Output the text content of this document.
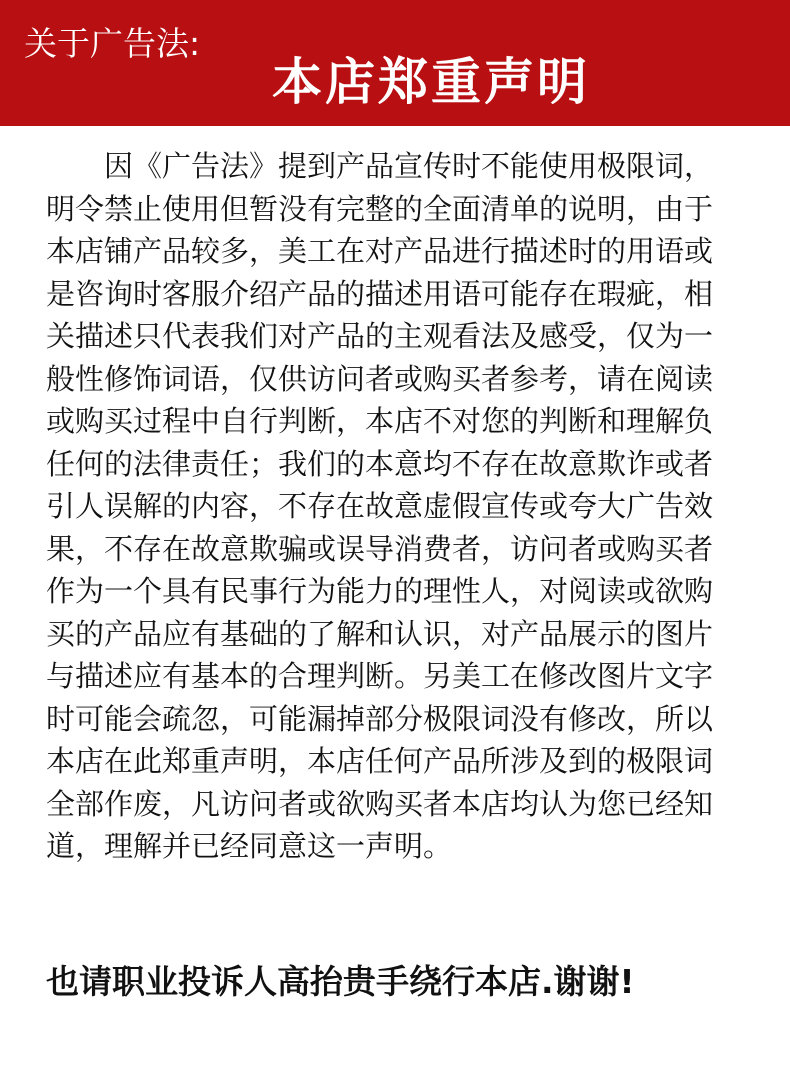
关于广告法:
本店郑重声明
　　因《广告法》提到产品宣传时不能使用极限词，
明令禁止使用但暂没有完整的全面清单的说明，由于
本店铺产品较多，美工在对产品进行描述时的用语或
是咨询时客服介绍产品的描述用语可能存在瑕疵，相
关描述只代表我们对产品的主观看法及感受，仅为一
般性修饰词语，仅供访问者或购买者参考，请在阅读
或购买过程中自行判断，本店不对您的判断和理解负
任何的法律责任；我们的本意均不存在故意欺诈或者
引人误解的内容，不存在故意虚假宣传或夸大广告效
果，不存在故意欺骗或误导消费者，访问者或购买者
作为一个具有民事行为能力的理性人，对阅读或欲购
买的产品应有基础的了解和认识，对产品展示的图片
与描述应有基本的合理判断。另美工在修改图片文字
时可能会疏忽，可能漏掉部分极限词没有修改，所以
本店在此郑重声明，本店任何产品所涉及到的极限词
全部作废，凡访问者或欲购买者本店均认为您已经知
道，理解并已经同意这一声明。
也请职业投诉人高抬贵手绕行本店.谢谢!
